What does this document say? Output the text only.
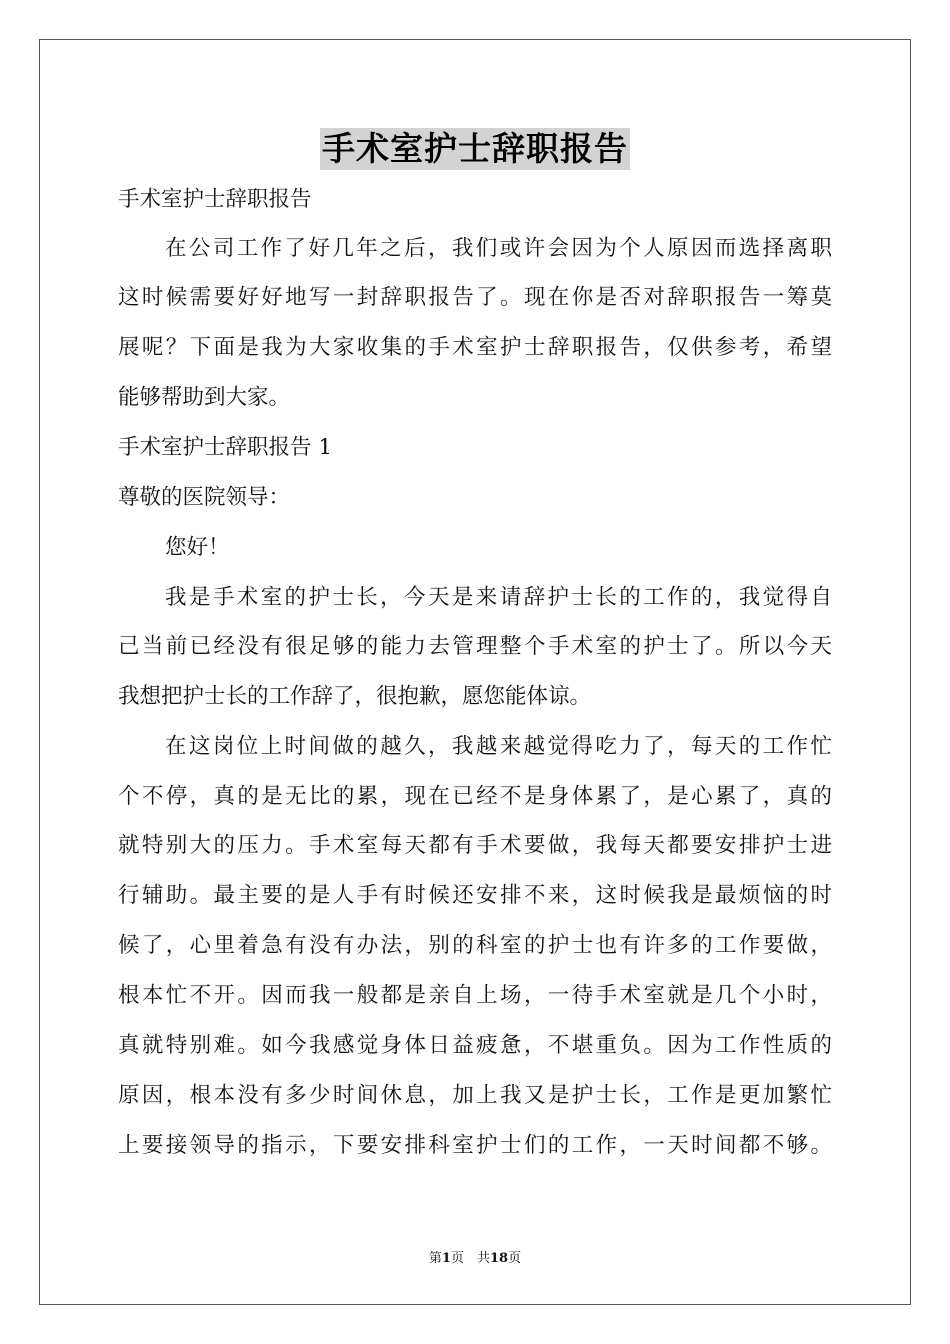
手术室护士辞职报告
手术室护士辞职报告
在公司工作了好几年之后，我们或许会因为个人原因而选择离职
这时候需要好好地写一封辞职报告了。现在你是否对辞职报告一筹莫
展呢？下面是我为大家收集的手术室护士辞职报告，仅供参考，希望
能够帮助到大家。
手术室护士辞职报告 1
尊敬的医院领导：
您好！
我是手术室的护士长，今天是来请辞护士长的工作的，我觉得自
己当前已经没有很足够的能力去管理整个手术室的护士了。所以今天
我想把护士长的工作辞了，很抱歉，愿您能体谅。
在这岗位上时间做的越久，我越来越觉得吃力了，每天的工作忙
个不停，真的是无比的累，现在已经不是身体累了，是心累了，真的
就特别大的压力。手术室每天都有手术要做，我每天都要安排护士进
行辅助。最主要的是人手有时候还安排不来，这时候我是最烦恼的时
候了，心里着急有没有办法，别的科室的护士也有许多的工作要做，
根本忙不开。因而我一般都是亲自上场，一待手术室就是几个小时，
真就特别难。如今我感觉身体日益疲惫，不堪重负。因为工作性质的
原因，根本没有多少时间休息，加上我又是护士长，工作是更加繁忙
上要接领导的指示，下要安排科室护士们的工作，一天时间都不够。
第1页　共18页
